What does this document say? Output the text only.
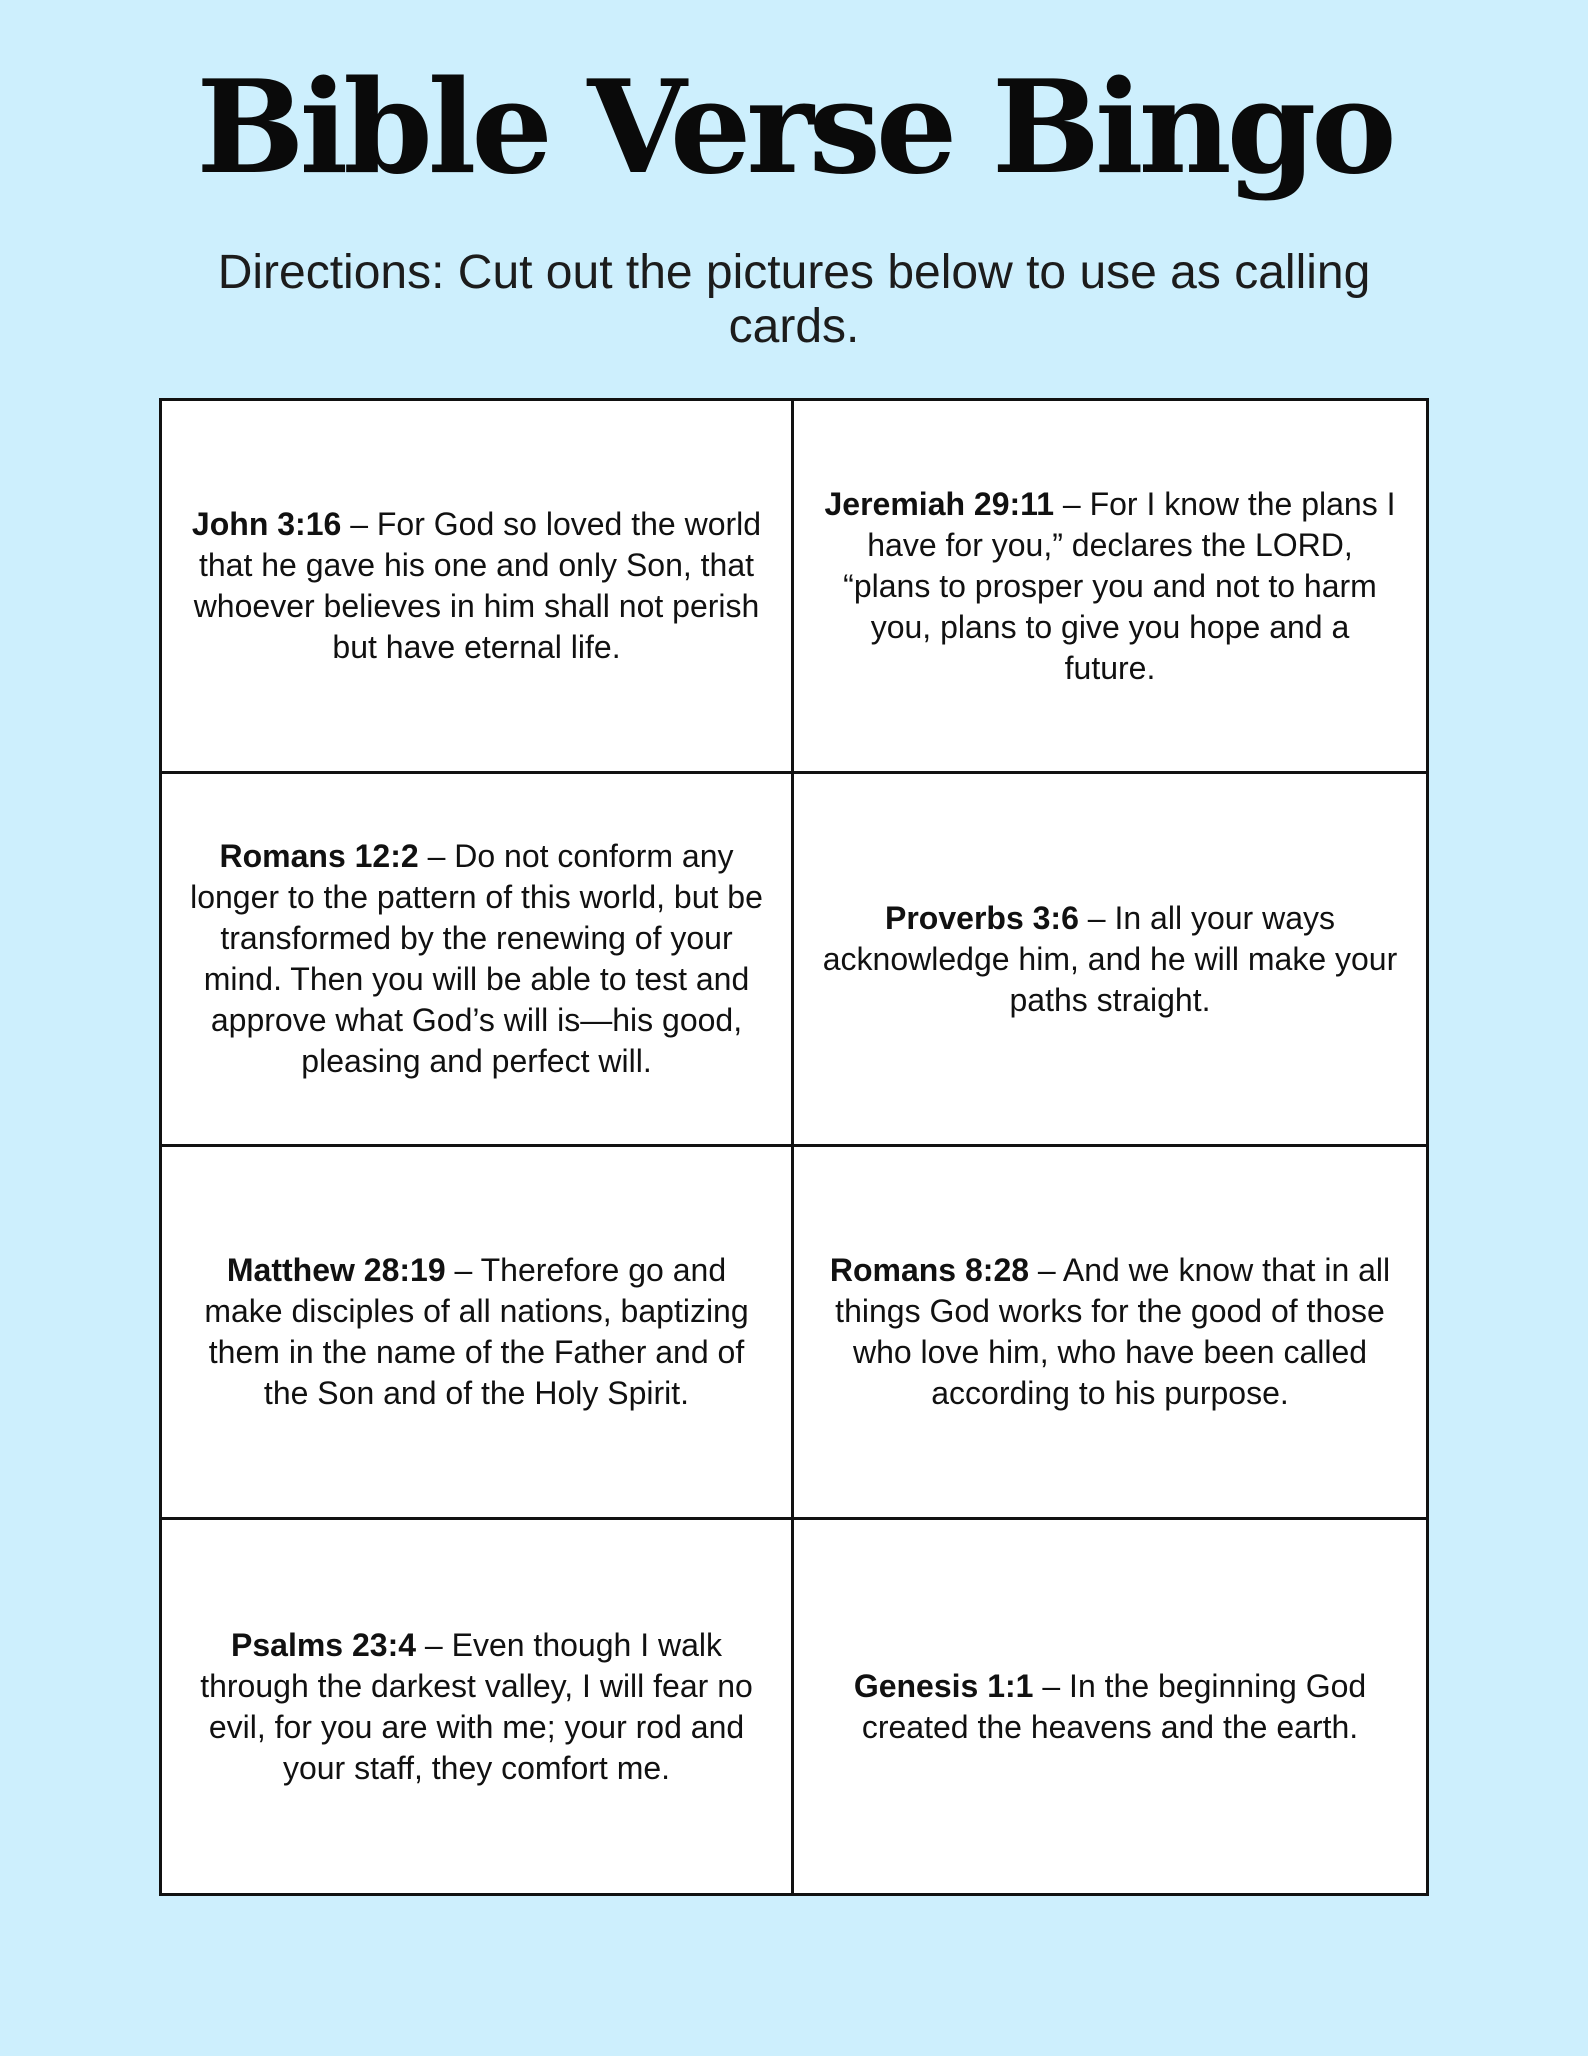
Bible Verse Bingo

Directions: Cut out the pictures below to use as calling cards.

John 3:16 – For God so loved the world that he gave his one and only Son, that whoever believes in him shall not perish but have eternal life.

Jeremiah 29:11 – For I know the plans I have for you,” declares the LORD, “plans to prosper you and not to harm you, plans to give you hope and a future.

Romans 12:2 – Do not conform any longer to the pattern of this world, but be transformed by the renewing of your mind. Then you will be able to test and approve what God’s will is—his good, pleasing and perfect will.

Proverbs 3:6 – In all your ways acknowledge him, and he will make your paths straight.

Matthew 28:19 – Therefore go and make disciples of all nations, baptizing them in the name of the Father and of the Son and of the Holy Spirit.

Romans 8:28 – And we know that in all things God works for the good of those who love him, who have been called according to his purpose.

Psalms 23:4 – Even though I walk through the darkest valley, I will fear no evil, for you are with me; your rod and your staff, they comfort me.

Genesis 1:1 – In the beginning God created the heavens and the earth.
